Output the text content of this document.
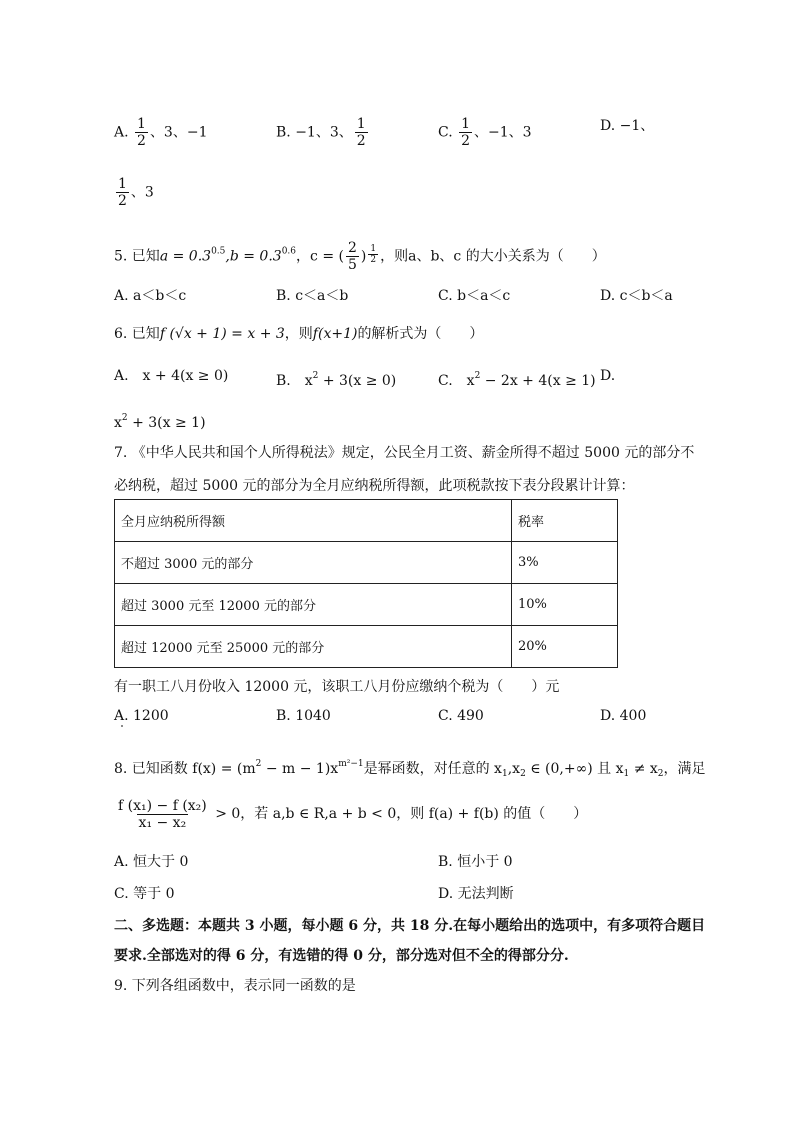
A. $\frac{1}{2}$ 、3、−1	B. −1、3、 $\frac{1}{2}$	C. $\frac{1}{2}$ 、−1、3	D. −1、
$\frac{1}{2}$ 、3
5. 已知$a = 0.3^{0.5},b = 0.3^{0.6}$，c = ( $\frac{2}{5}$ ) $\frac{1}{2}$ ，则a、b、c 的大小关系为（　　）
A. a＜b＜c	B. c＜a＜b	C. b＜a＜c	D. c＜b＜a
6. 已知f (√x + 1) = x + 3，则f(x+1)的解析式为（　　）
A.　x + 4(x ≥ 0)	B.　$x^2 + 3(x \ge 0)$	C.　$x^2 - 2x + 4(x \ge 1)$ D.
$x^2 + 3(x \ge 1)$
7. 《中华人民共和国个人所得税法》规定，公民全月工资、薪金所得不超过 5000 元的部分不
必纳税，超过 5000 元的部分为全月应纳税所得额，此项税款按下表分段累计计算：
全月应纳税所得额	税率
不超过 3000 元的部分	3%
超过 3000 元至 12000 元的部分	10%
超过 12000 元至 25000 元的部分	20%
有一职工八月份收入 12000 元，该职工八月份应缴纳个税为（　　）元
A. 1200	B. 1040	C. 490	D. 400
8. 已知函数 $f(x) = (m^2 - m - 1)x^{m^2-1}$是幂函数，对任意的 $x_1,x_2$ ∈ (0,+∞) 且 $x_1 \ne x_2$，满足
$\frac{\text{f (x₁) − f (x₂)}}{\text{x₁ − x₂}} > 0$，若 a,b ∈ R,a + b < 0，则 f(a) + f(b) 的值（　　）
A. 恒大于 0	B. 恒小于 0
C. 等于 0	D. 无法判断
二、多选题：本题共 3 小题，每小题 6 分，共 18 分.在每小题给出的选项中，有多项符合题目
要求.全部选对的得 6 分，有选错的得 0 分，部分选对但不全的得部分分.
9. 下列各组函数中，表示同一函数的是
